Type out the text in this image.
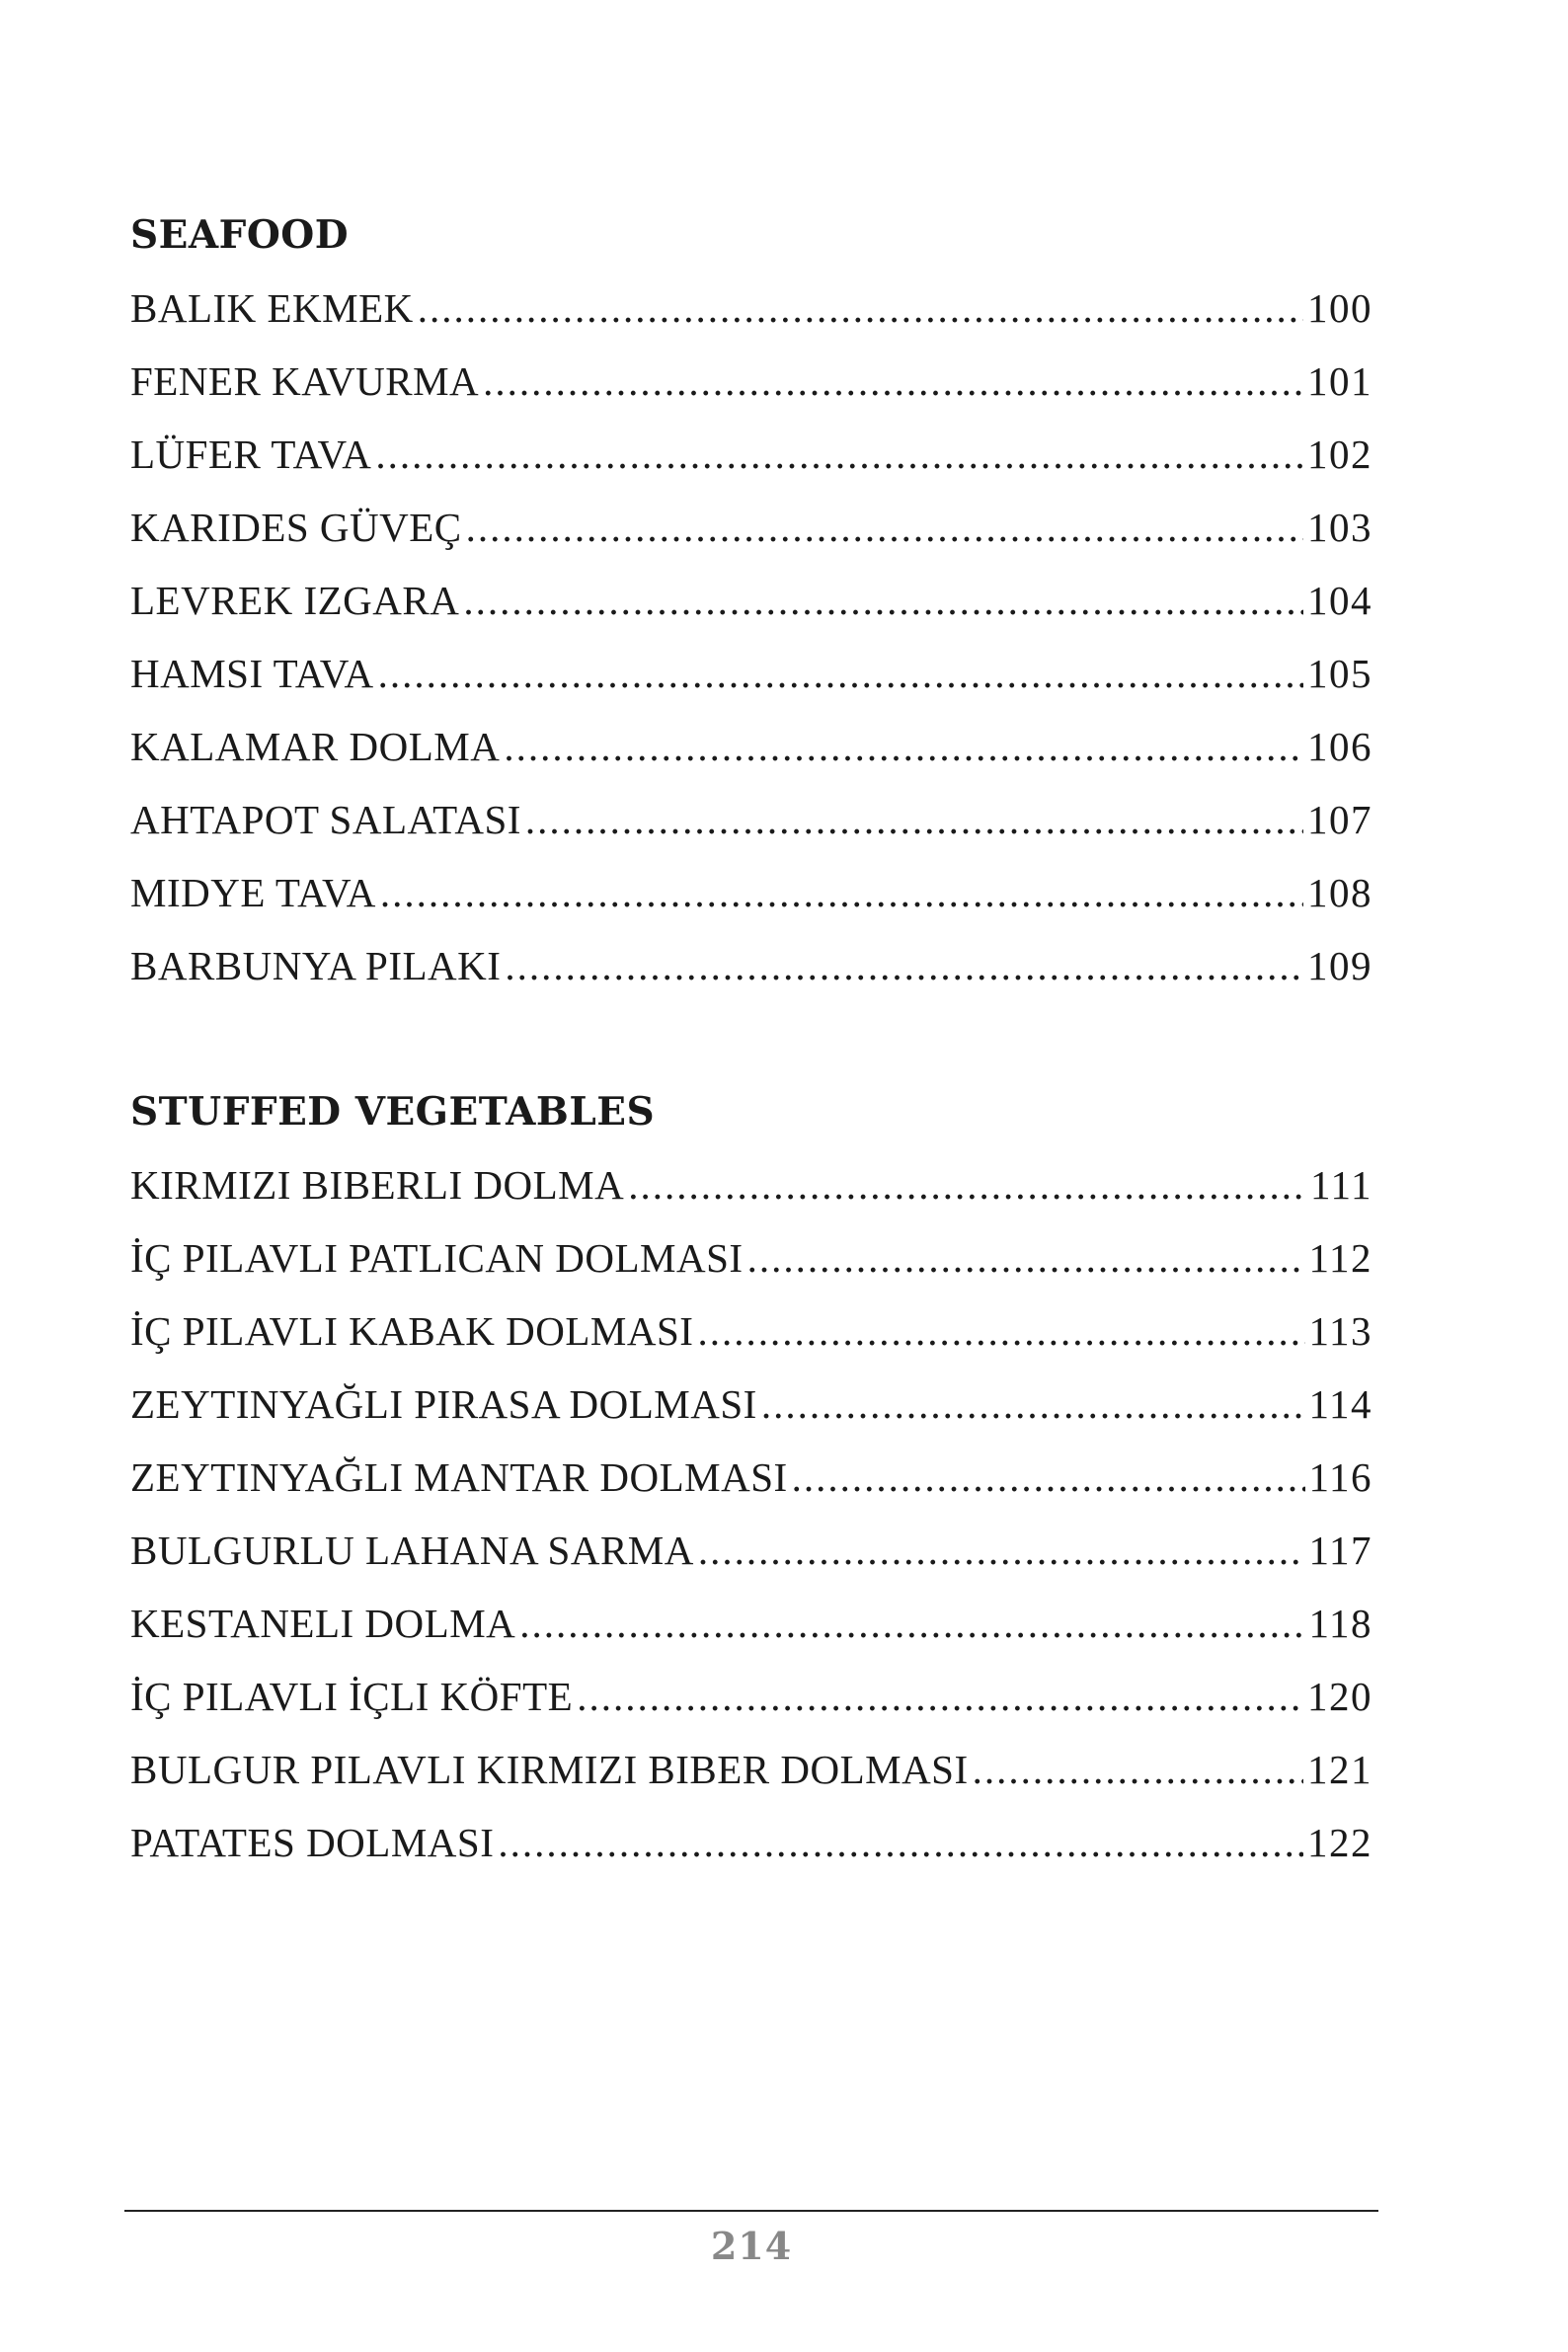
SEAFOOD
BALIK EKMEK .....	100
FENER KAVURMA .....	101
LÜFER TAVA .....	102
KARIDES GÜVEÇ .....	103
LEVREK IZGARA .....	104
HAMSI TAVA .....	105
KALAMAR DOLMA .....	106
AHTAPOT SALATASI .....	107
MIDYE TAVA .....	108
BARBUNYA PILAKI .....	109
STUFFED VEGETABLES
KIRMIZI BIBERLI DOLMA .....	111
İÇ PILAVLI PATLICAN DOLMASI .....	112
İÇ PILAVLI KABAK DOLMASI .....	113
ZEYTINYAĞLI PIRASA DOLMASI .....	114
ZEYTINYAĞLI MANTAR DOLMASI .....	116
BULGURLU LAHANA SARMA .....	117
KESTANELI DOLMA .....	118
İÇ PILAVLI İÇLI KÖFTE .....	120
BULGUR PILAVLI KIRMIZI BIBER DOLMASI .....	121
PATATES DOLMASI .....	122
214
